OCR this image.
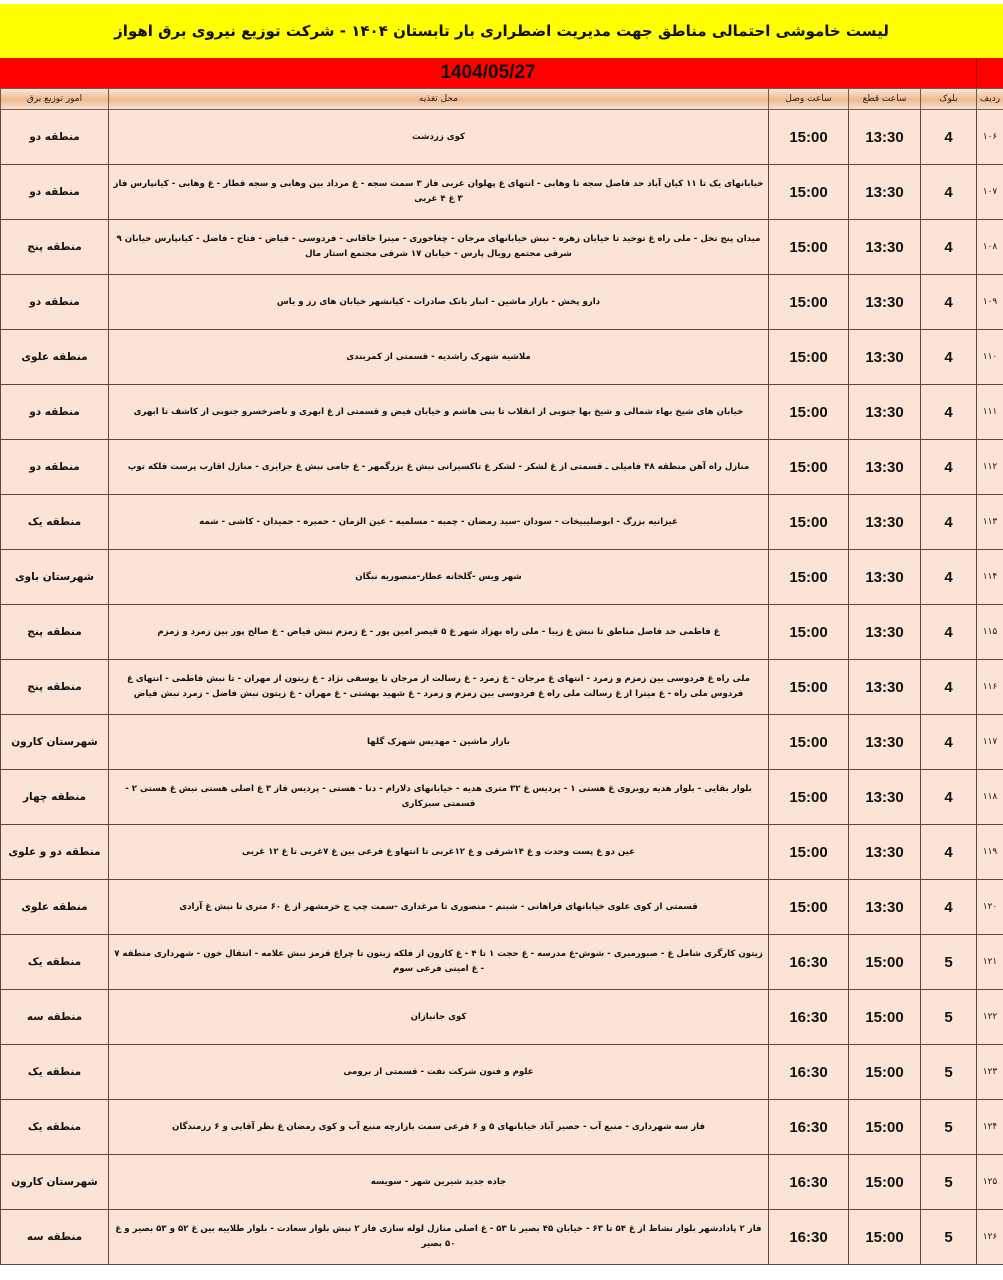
لیست خاموشی احتمالی مناطق جهت مدیریت اضطراری بار تابستان ۱۴۰۴ - شرکت توزیع نیروی برق اهواز
1404/05/27
ردیف	بلوک	ساعت قطع	ساعت وصل	محل تغذیه	امور توزیع برق
۱۰۶	4	13:30	15:00	کوی زردشت	منطقه دو
۱۰۷	4	13:30	15:00	خیابانهای یک تا ۱۱ کیان آباد حد فاصل سجه تا وهابی - انتهای غ پهلوان غربی فاز ۳ سمت سجه - غ مرداد بین وهابی و سجه قطار - غ وهابی - کیانپارس فاز ۳ غ ۴ غربی	منطقه دو
۱۰۸	4	13:30	15:00	میدان پنج نخل - ملی راه غ توحید تا خیابان زهره - نبش خیابانهای مرجان - چغاخوری - میترا خاقانی - فردوسی - فیاض - فتاح - فاضل - کیانپارس خیابان ۹ شرقی مجتمع رویال پارس - خیابان ۱۷ شرقی مجتمع استار مال	منطقه پنج
۱۰۹	4	13:30	15:00	دارو پخش - بازار ماشین - انبار بانک صادرات - کیانشهر خیابان های رز و یاس	منطقه دو
۱۱۰	4	13:30	15:00	ملاشیه شهرک راشدیه - قسمتی از کمربندی	منطقه علوی
۱۱۱	4	13:30	15:00	خیابان های شیخ بهاء شمالی و شیخ بها جنوبی از انقلاب تا بنی هاشم و خیابان فیض و قسمتی از غ ابهری و ناصرخسرو جنوبی از کاشف تا ابهری	منطقه دو
۱۱۲	4	13:30	15:00	منازل راه آهن منطقه ۴۸ فامیلی ـ قسمتی از غ لشکر - لشکر غ تاکسیرانی نبش غ بزرگمهر - غ جامی نبش غ جزایری - منازل اقارب پرست فلکه توپ	منطقه دو
۱۱۳	4	13:30	15:00	غیزانیه بزرگ - ابوصلیبیخات - سودان -سید رمضان - چمبه - مسلمیه - عین الزمان - حمیره - حمیدان - کاشی - شمه	منطقه یک
۱۱۴	4	13:30	15:00	شهر ویس -گلخانه عطار-منصوریه نبگان	شهرستان باوی
۱۱۵	4	13:30	15:00	غ فاطمی حد فاصل مناطق تا نبش غ زیبا - ملی راه بهزاد شهر غ ۵ قیصر امین پور - غ زمزم نبش فیاض - غ صالح پور بین زمرد و زمزم	منطقه پنج
۱۱۶	4	13:30	15:00	ملی راه غ فردوسی بین زمزم و زمرد - انتهای غ مرجان - غ زمرد - غ رسالت از مرجان تا یوسفی نژاد - غ زیتون از مهران - تا نبش فاطمی - انتهای غ فردوس ملی راه - غ میترا از غ رسالت ملی راه غ فردوسی بین زمزم و زمرد - غ شهید بهشتی - غ مهران - غ زیتون نبش فاضل - زمرد نبش فیاض	منطقه پنج
۱۱۷	4	13:30	15:00	بازار ماشین - مهدیس شهرک گلها	شهرستان کارون
۱۱۸	4	13:30	15:00	بلوار بقایی - بلوار هدیه روبروی غ هستی ۱ - پردیس غ ۳۲ متری هدیه - خیابانهای دلارام - دنا - هستی - پردیس فاز ۳ غ اصلی هستی نبش غ هستی ۲ - قسمتی سبزکاری	منطقه چهار
۱۱۹	4	13:30	15:00	عین دو غ پست وحدت و غ ۱۴شرقی و غ ۱۲غربی تا انتهاو غ فرعی بین غ ۷غربی تا غ ۱۲ غربی	منطقه دو و علوی
۱۲۰	4	13:30	15:00	قسمتی از کوی علوی خیابانهای فراهانی - شبنم - منصوری تا مرغداری -سمت چپ ج خرمشهر از غ ۶۰ متری تا نبش غ آزادی	منطقه علوی
۱۲۱	5	15:00	16:30	زیتون کارگری شامل غ - صبورمیری - شوش-غ مدرسه - غ حجت ۱ تا ۴ - غ کارون از فلکه زیتون تا چراغ قرمز نبش علامه - انتقال خون - شهرداری منطقه ۷ - غ امینی فرعی سوم	منطقه یک
۱۲۲	5	15:00	16:30	کوی جانبازان	منطقه سه
۱۲۳	5	15:00	16:30	علوم و فنون شرکت نفت - قسمتی از برومی	منطقه یک
۱۲۴	5	15:00	16:30	فاز سه شهرداری - منبع آب - حصیر آباد خیابانهای ۵ و ۶ فرعی سمت بازارچه منبع آب و کوی رمضان غ نظر آقایی و ۶ رزمندگان	منطقه یک
۱۲۵	5	15:00	16:30	جاده جدید شیرین شهر - سویسه	شهرستان کارون
۱۲۶	5	15:00	16:30	فاز ۲ پادادشهر بلوار نشاط از غ ۵۴ تا ۶۳ - خیابان ۴۵ بصیر تا ۵۳ - غ اصلی منازل لوله سازی فاز ۲ نبش بلوار سعادت - بلوار طلاییه بین غ ۵۲ و ۵۳ بصیر و غ ۵۰ بصیر	منطقه سه
